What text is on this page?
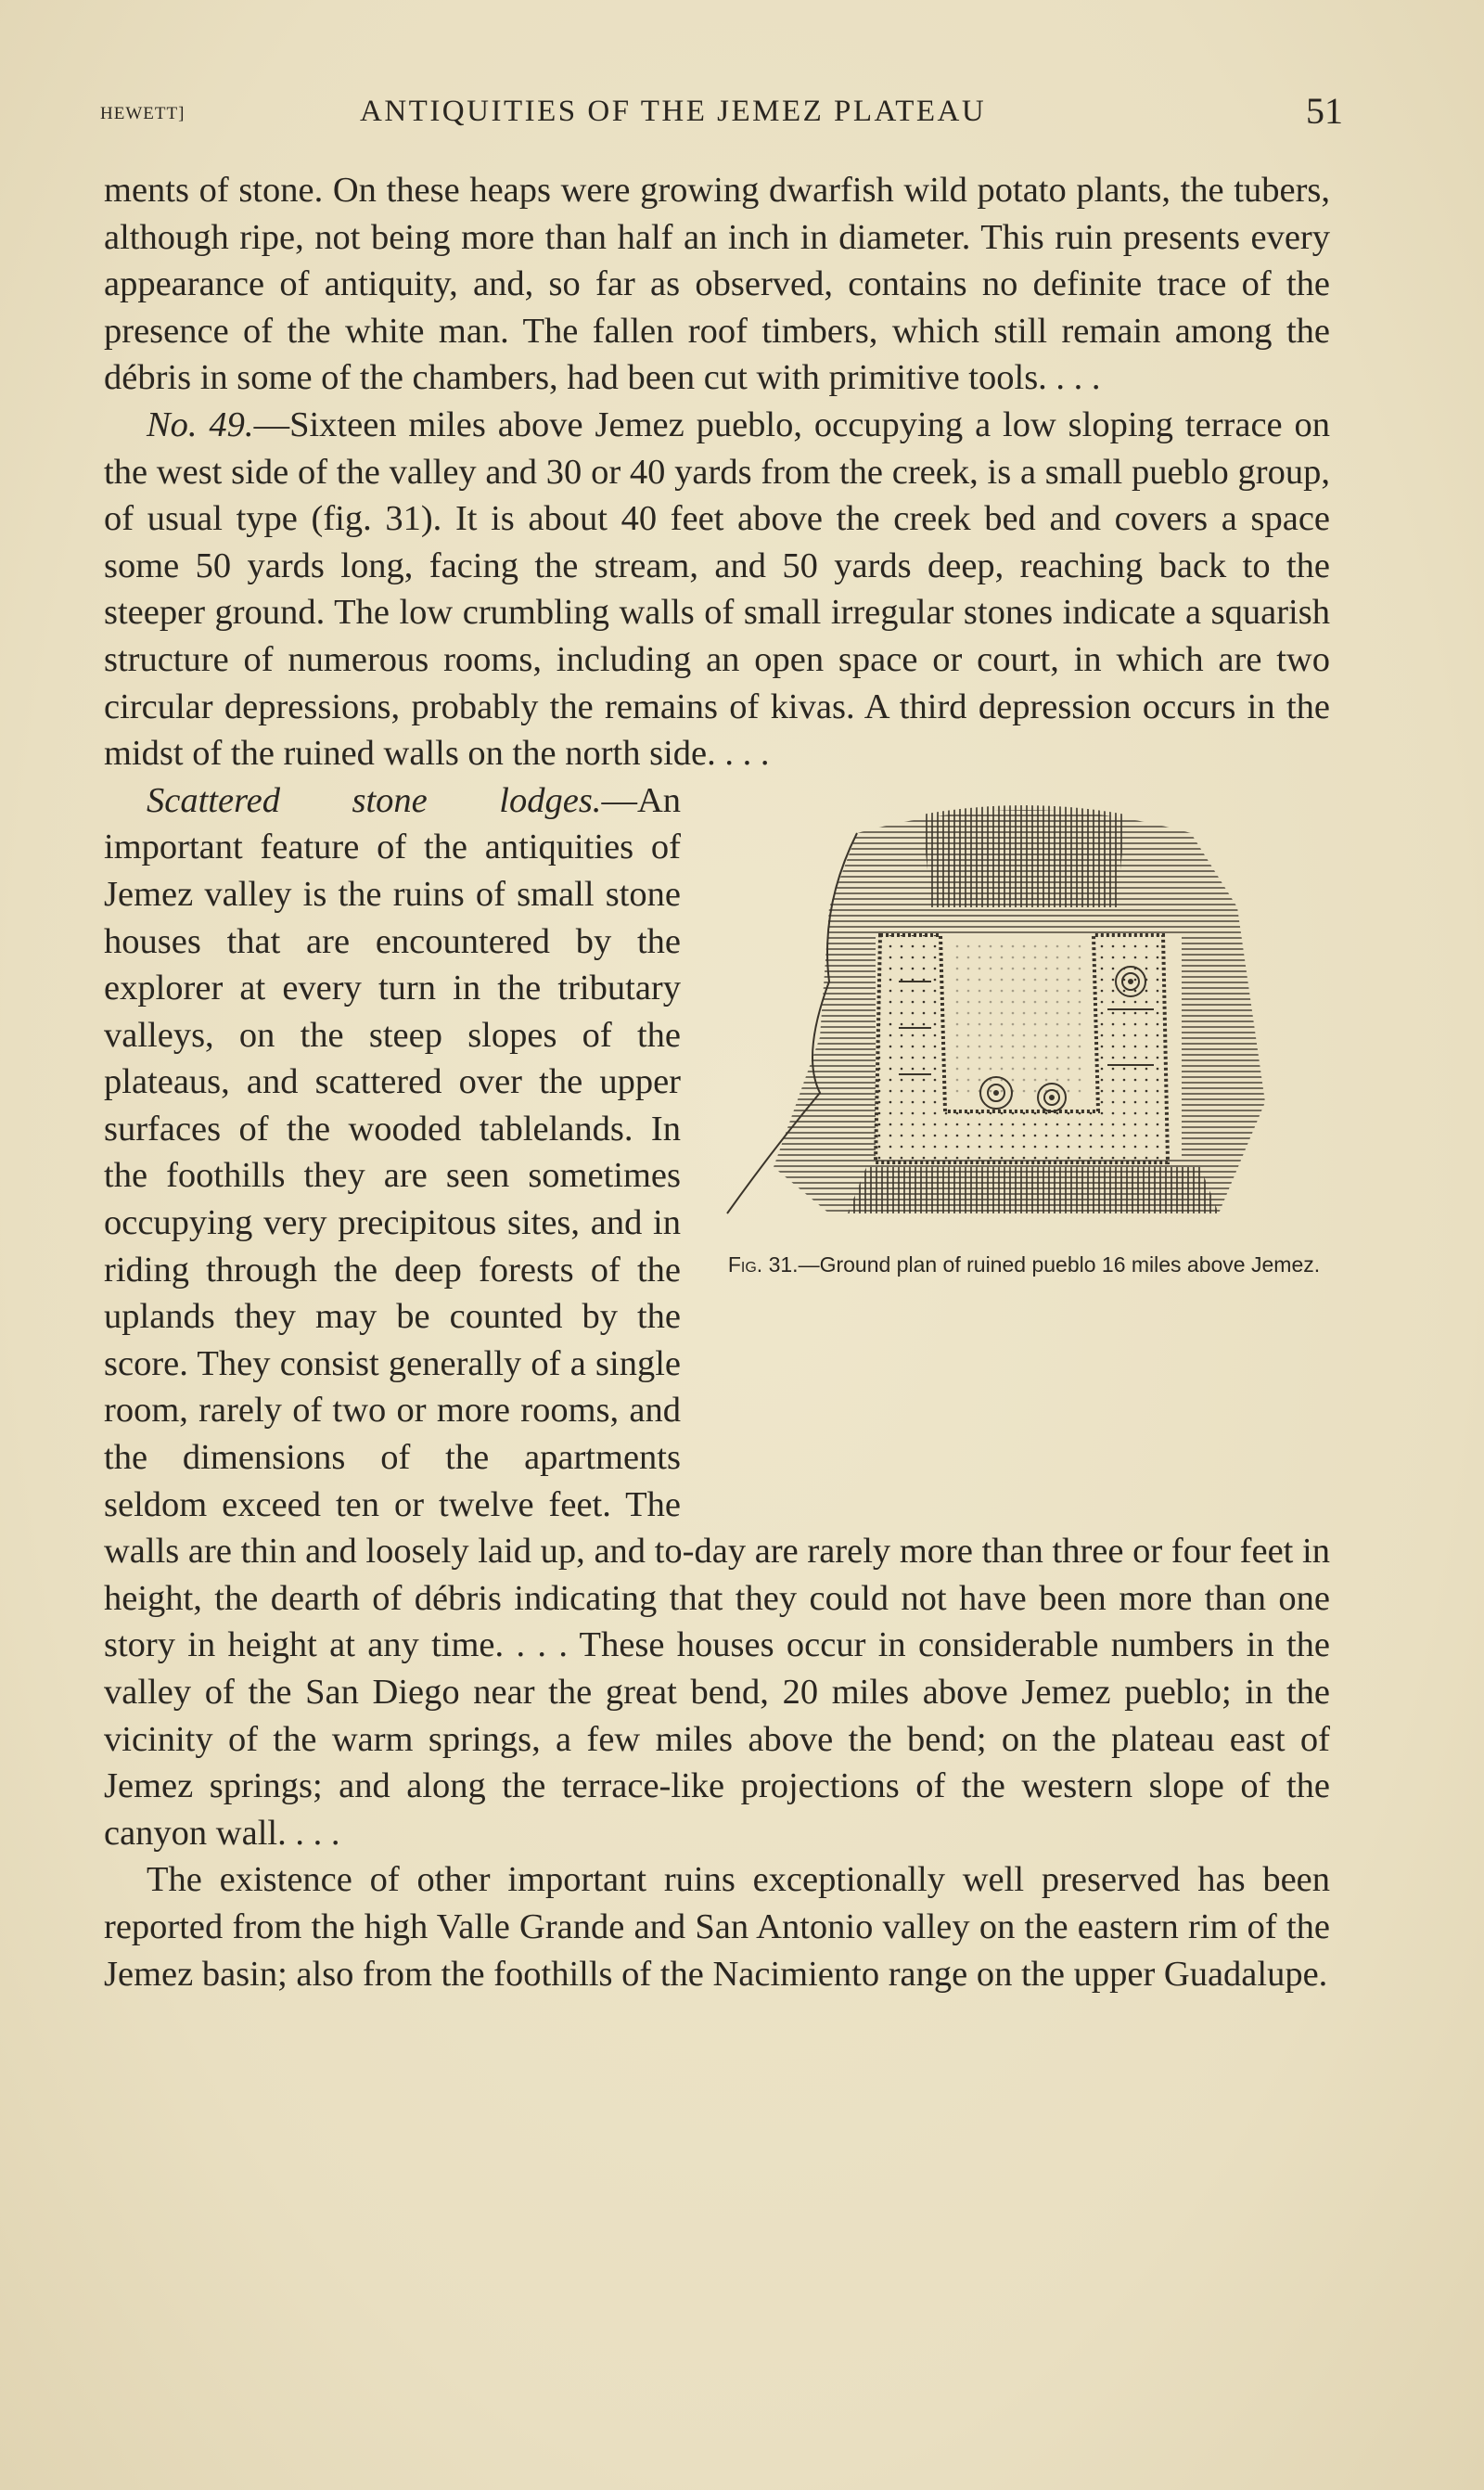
HEWETT]	ANTIQUITIES OF THE JEMEZ PLATEAU	51

ments of stone. On these heaps were growing dwarfish wild potato plants, the tubers, although ripe, not being more than half an inch in diameter. This ruin presents every appearance of antiquity, and, so far as observed, contains no definite trace of the presence of the white man. The fallen roof timbers, which still remain among the débris in some of the chambers, had been cut with primitive tools. . . .

No. 49.—Sixteen miles above Jemez pueblo, occupying a low sloping terrace on the west side of the valley and 30 or 40 yards from the creek, is a small pueblo group, of usual type (fig. 31). It is about 40 feet above the creek bed and covers a space some 50 yards long, facing the stream, and 50 yards deep, reaching back to the steeper ground. The low crumbling walls of small irregular stones indicate a squarish structure of numerous rooms, including an open space or court, in which are two circular depressions, probably the remains of kivas. A third depression occurs in the midst of the ruined walls on the north side. . . .

Fig. 31.—Ground plan of ruined pueblo 16 miles above Jemez.

Scattered stone lodges.—An important feature of the antiquities of Jemez valley is the ruins of small stone houses that are encountered by the explorer at every turn in the tributary valleys, on the steep slopes of the plateaus, and scattered over the upper surfaces of the wooded tablelands. In the foothills they are seen sometimes occupying very precipitous sites, and in riding through the deep forests of the uplands they may be counted by the score. They consist generally of a single room, rarely of two or more rooms, and the dimensions of the apartments seldom exceed ten or twelve feet. The walls are thin and loosely laid up, and to-day are rarely more than three or four feet in height, the dearth of débris indicating that they could not have been more than one story in height at any time. . . . These houses occur in considerable numbers in the valley of the San Diego near the great bend, 20 miles above Jemez pueblo; in the vicinity of the warm springs, a few miles above the bend; on the plateau east of Jemez springs; and along the terrace-like projections of the western slope of the canyon wall. . . .

The existence of other important ruins exceptionally well preserved has been reported from the high Valle Grande and San Antonio valley on the eastern rim of the Jemez basin; also from the foothills of the Nacimiento range on the upper Guadalupe.
